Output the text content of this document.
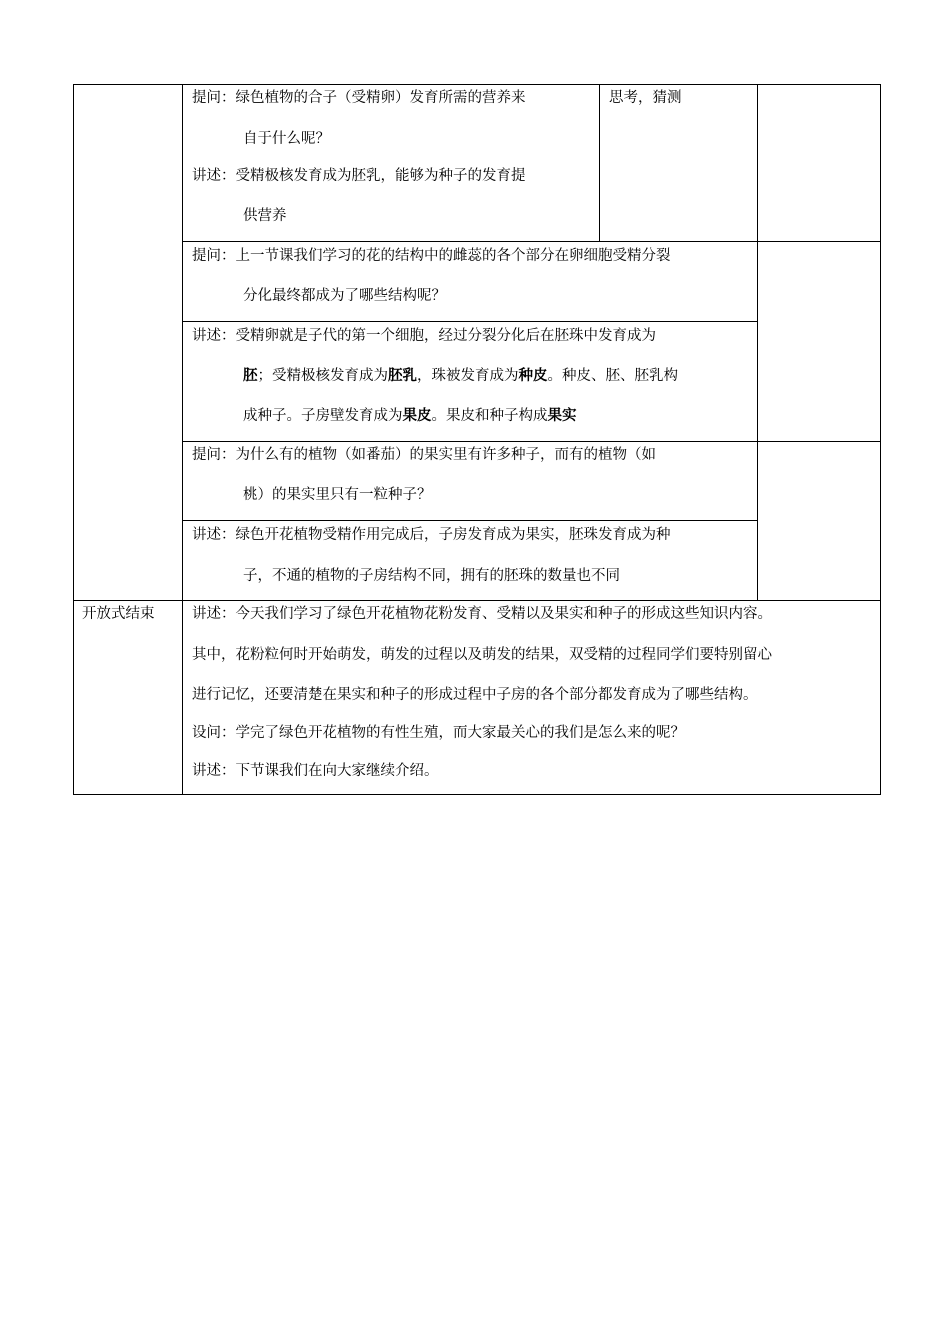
提问：绿色植物的合子（受精卵）发育所需的营养来
自于什么呢？
讲述：受精极核发育成为胚乳，能够为种子的发育提
供营养
思考，猜测
提问：上一节课我们学习的花的结构中的雌蕊的各个部分在卵细胞受精分裂
分化最终都成为了哪些结构呢？
讲述：受精卵就是子代的第一个细胞，经过分裂分化后在胚珠中发育成为
胚；受精极核发育成为胚乳，珠被发育成为种皮。种皮、胚、胚乳构
成种子。子房壁发育成为果皮。果皮和种子构成果实
提问：为什么有的植物（如番茄）的果实里有许多种子，而有的植物（如
桃）的果实里只有一粒种子？
讲述：绿色开花植物受精作用完成后，子房发育成为果实，胚珠发育成为种
子，不通的植物的子房结构不同，拥有的胚珠的数量也不同
开放式结束	讲述：今天我们学习了绿色开花植物花粉发育、受精以及果实和种子的形成这些知识内容。
其中，花粉粒何时开始萌发，萌发的过程以及萌发的结果，双受精的过程同学们要特别留心
进行记忆，还要清楚在果实和种子的形成过程中子房的各个部分都发育成为了哪些结构。
设问：学完了绿色开花植物的有性生殖，而大家最关心的我们是怎么来的呢？
讲述：下节课我们在向大家继续介绍。
